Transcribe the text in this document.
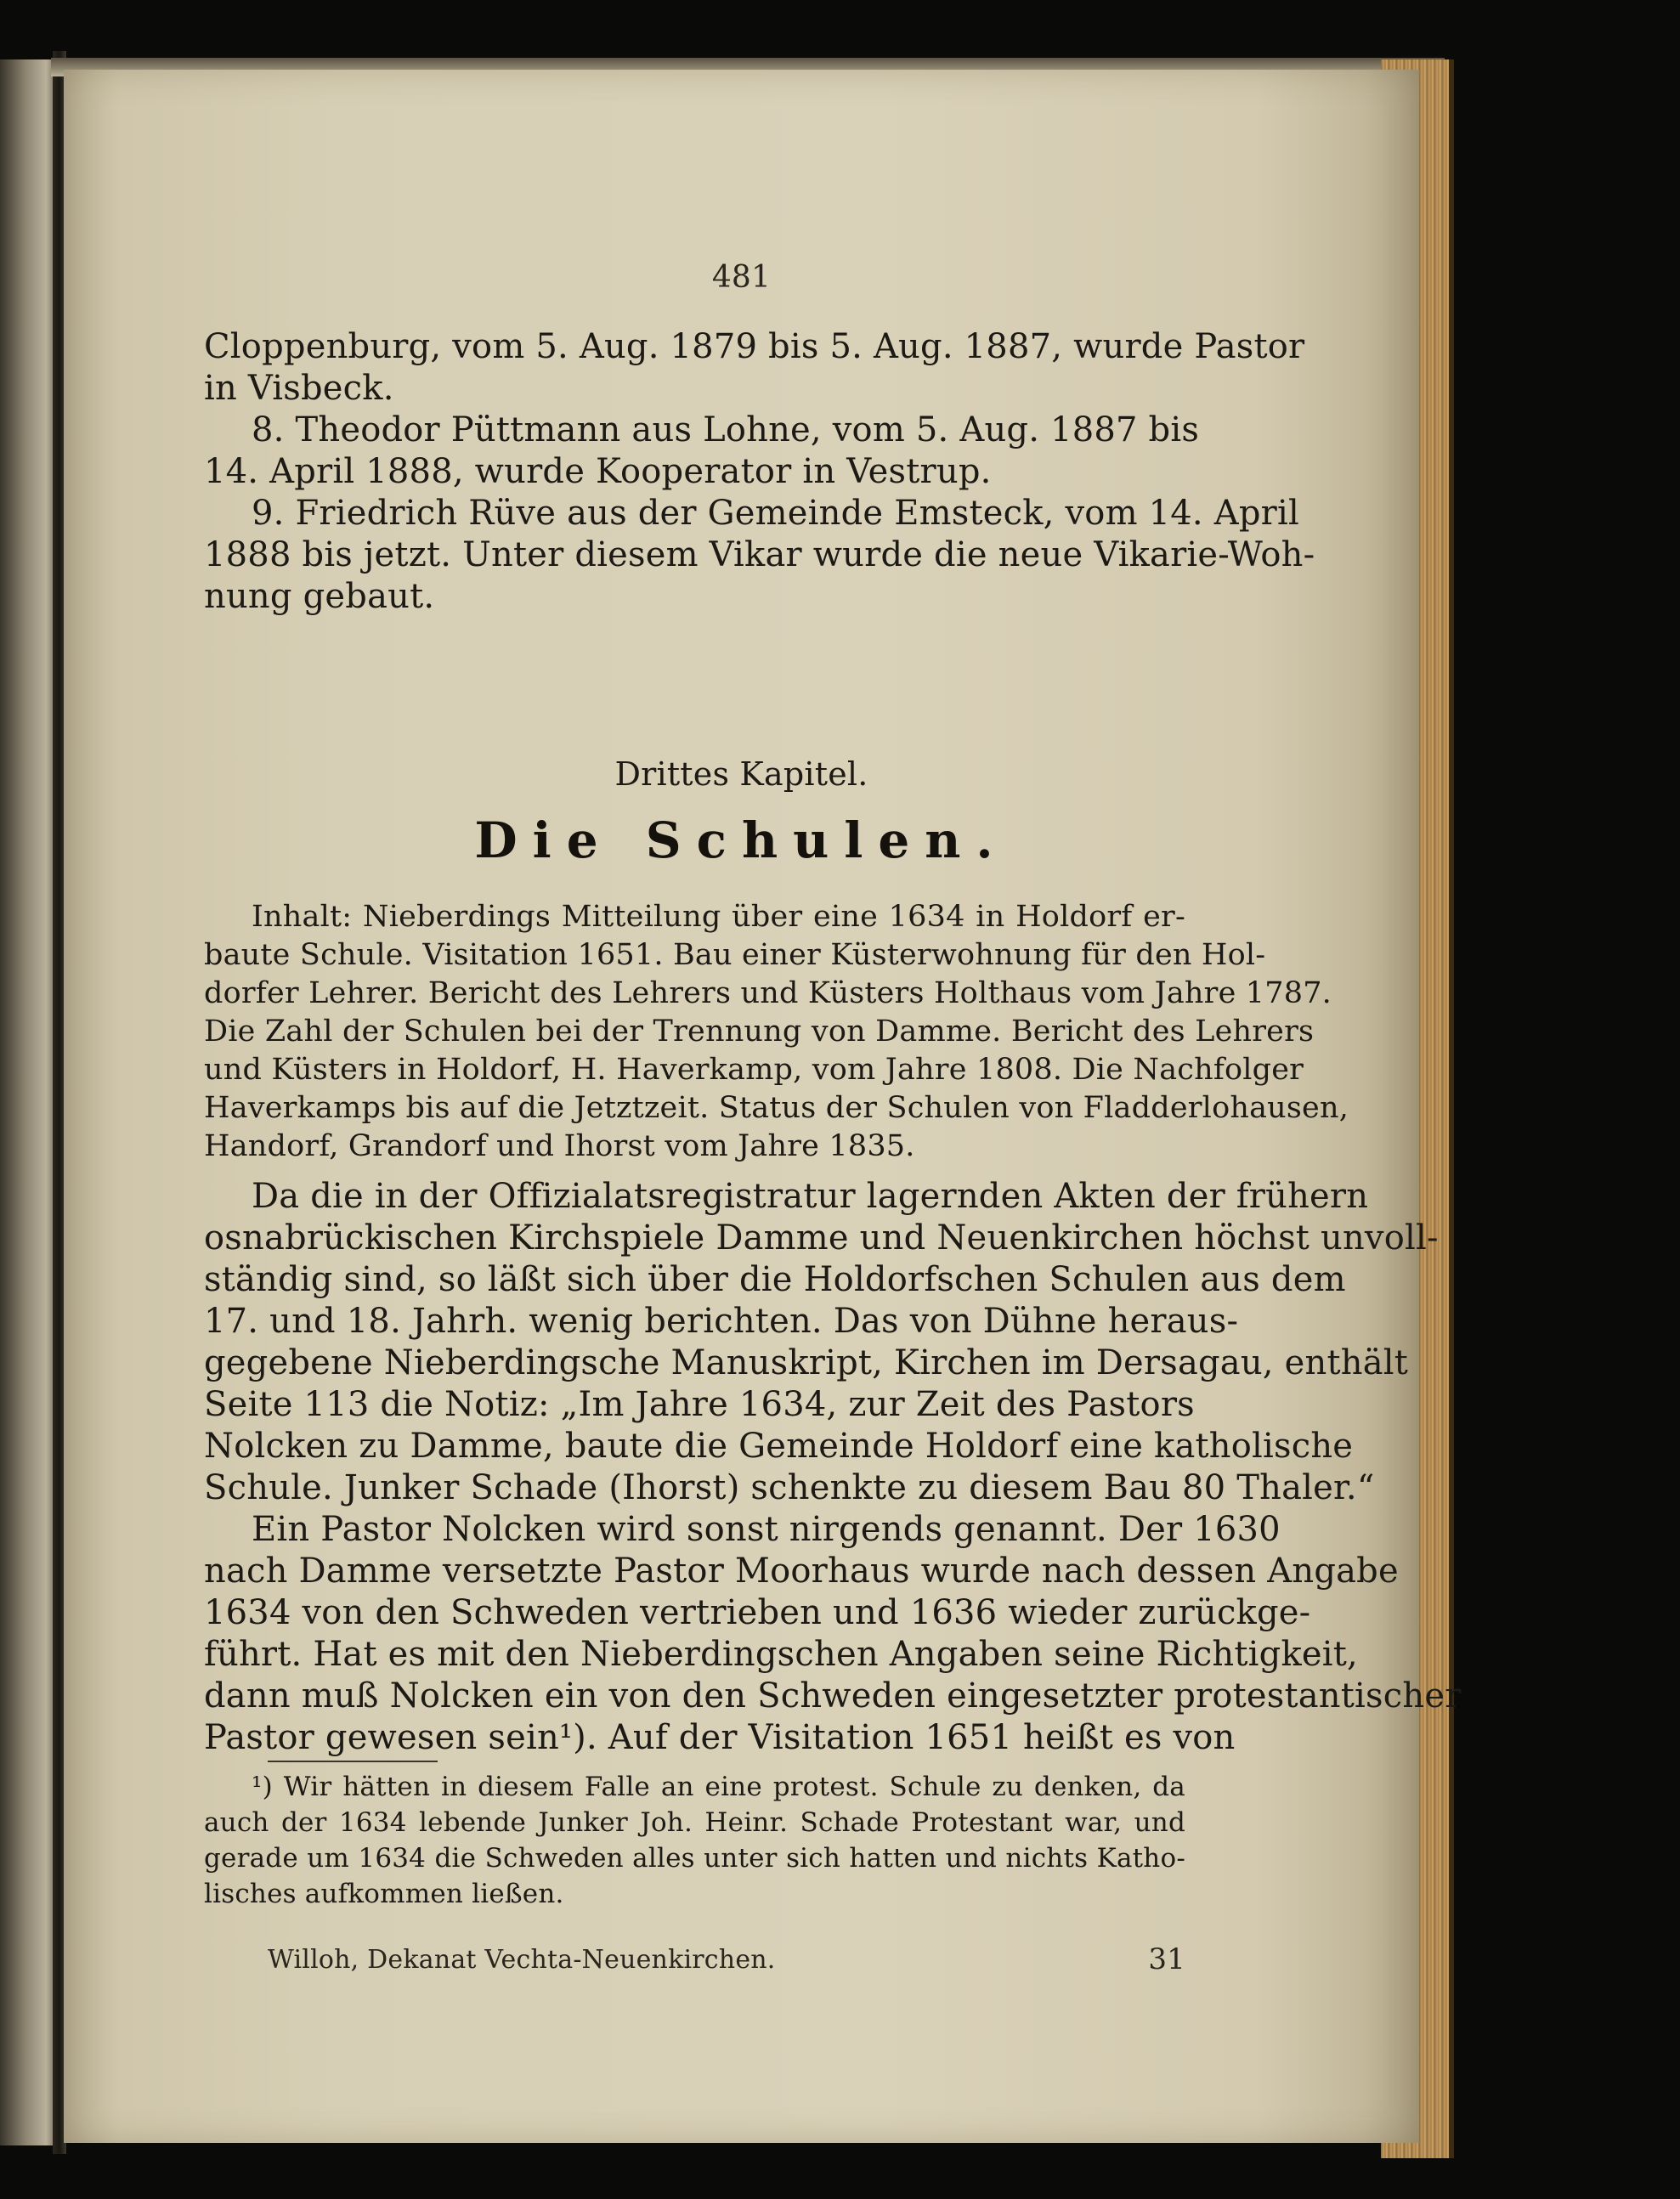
481
Cloppenburg, vom 5. Aug. 1879 bis 5. Aug. 1887, wurde Pastor
in Visbeck.
8. Theodor Püttmann aus Lohne, vom 5. Aug. 1887 bis
14. April 1888, wurde Kooperator in Vestrup.
9. Friedrich Rüve aus der Gemeinde Emsteck, vom 14. April
1888 bis jetzt. Unter diesem Vikar wurde die neue Vikarie-Woh-
nung gebaut.
Drittes Kapitel.
Die Schulen.
Inhalt: Nieberdings Mitteilung über eine 1634 in Holdorf er-
baute Schule. Visitation 1651. Bau einer Küsterwohnung für den Hol-
dorfer Lehrer. Bericht des Lehrers und Küsters Holthaus vom Jahre 1787.
Die Zahl der Schulen bei der Trennung von Damme. Bericht des Lehrers
und Küsters in Holdorf, H. Haverkamp, vom Jahre 1808. Die Nachfolger
Haverkamps bis auf die Jetztzeit. Status der Schulen von Fladderlohausen,
Handorf, Grandorf und Ihorst vom Jahre 1835.
Da die in der Offizialatsregistratur lagernden Akten der frühern
osnabrückischen Kirchspiele Damme und Neuenkirchen höchst unvoll-
ständig sind, so läßt sich über die Holdorfschen Schulen aus dem
17. und 18. Jahrh. wenig berichten. Das von Dühne heraus-
gegebene Nieberdingsche Manuskript, Kirchen im Dersagau, enthält
Seite 113 die Notiz: „Im Jahre 1634, zur Zeit des Pastors
Nolcken zu Damme, baute die Gemeinde Holdorf eine katholische
Schule. Junker Schade (Ihorst) schenkte zu diesem Bau 80 Thaler.“
Ein Pastor Nolcken wird sonst nirgends genannt. Der 1630
nach Damme versetzte Pastor Moorhaus wurde nach dessen Angabe
1634 von den Schweden vertrieben und 1636 wieder zurückge-
führt. Hat es mit den Nieberdingschen Angaben seine Richtigkeit,
dann muß Nolcken ein von den Schweden eingesetzter protestantischer
Pastor gewesen sein¹). Auf der Visitation 1651 heißt es von
¹) Wir hätten in diesem Falle an eine protest. Schule zu denken, da
auch der 1634 lebende Junker Joh. Heinr. Schade Protestant war, und
gerade um 1634 die Schweden alles unter sich hatten und nichts Katho-
lisches aufkommen ließen.
Willoh, Dekanat Vechta-Neuenkirchen.	31
